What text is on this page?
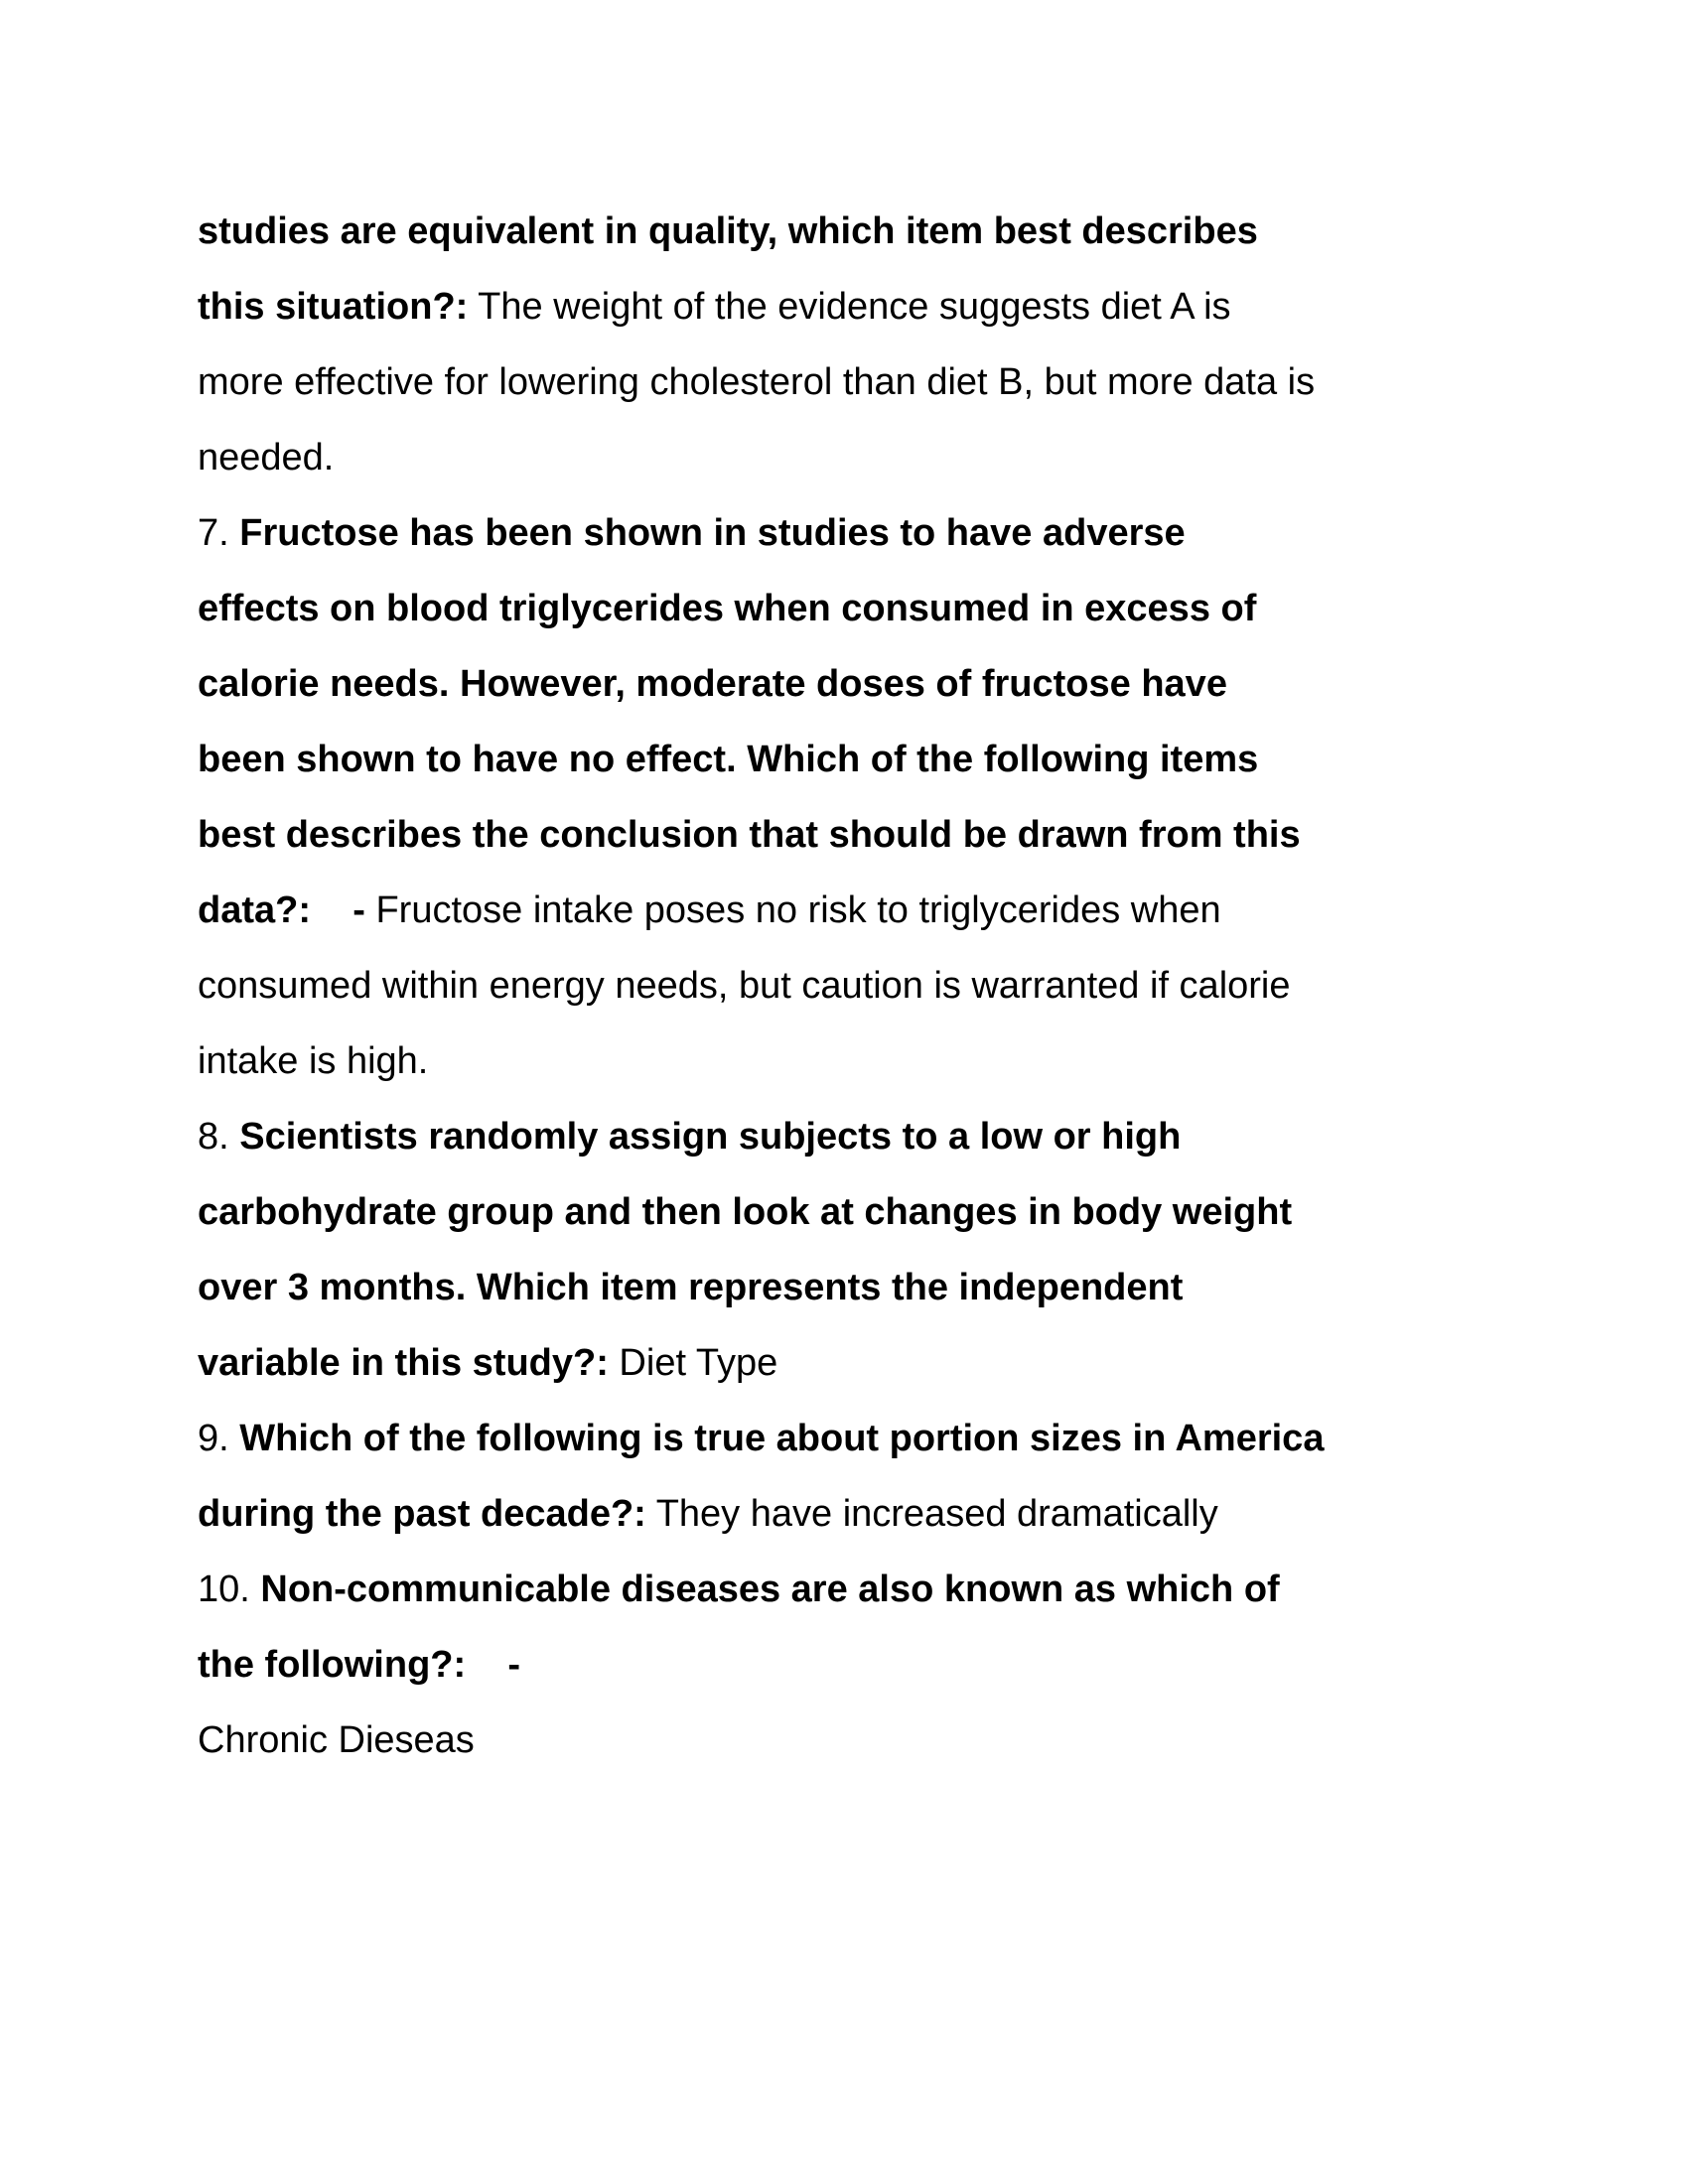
studies are equivalent in quality, which item best describes
this situation?: The weight of the evidence suggests diet A is
more effective for lowering cholesterol than diet B, but more data is
needed.
7. Fructose has been shown in studies to have adverse
effects on blood triglycerides when consumed in excess of
calorie needs. However, moderate doses of fructose have
been shown to have no effect. Which of the following items
best describes the conclusion that should be drawn from this
data?:    - Fructose intake poses no risk to triglycerides when
consumed within energy needs, but caution is warranted if calorie
intake is high.
8. Scientists randomly assign subjects to a low or high
carbohydrate group and then look at changes in body weight
over 3 months. Which item represents the independent
variable in this study?: Diet Type
9. Which of the following is true about portion sizes in America
during the past decade?: They have increased dramatically
10. Non-communicable diseases are also known as which of
the following?:    -
Chronic Dieseas
